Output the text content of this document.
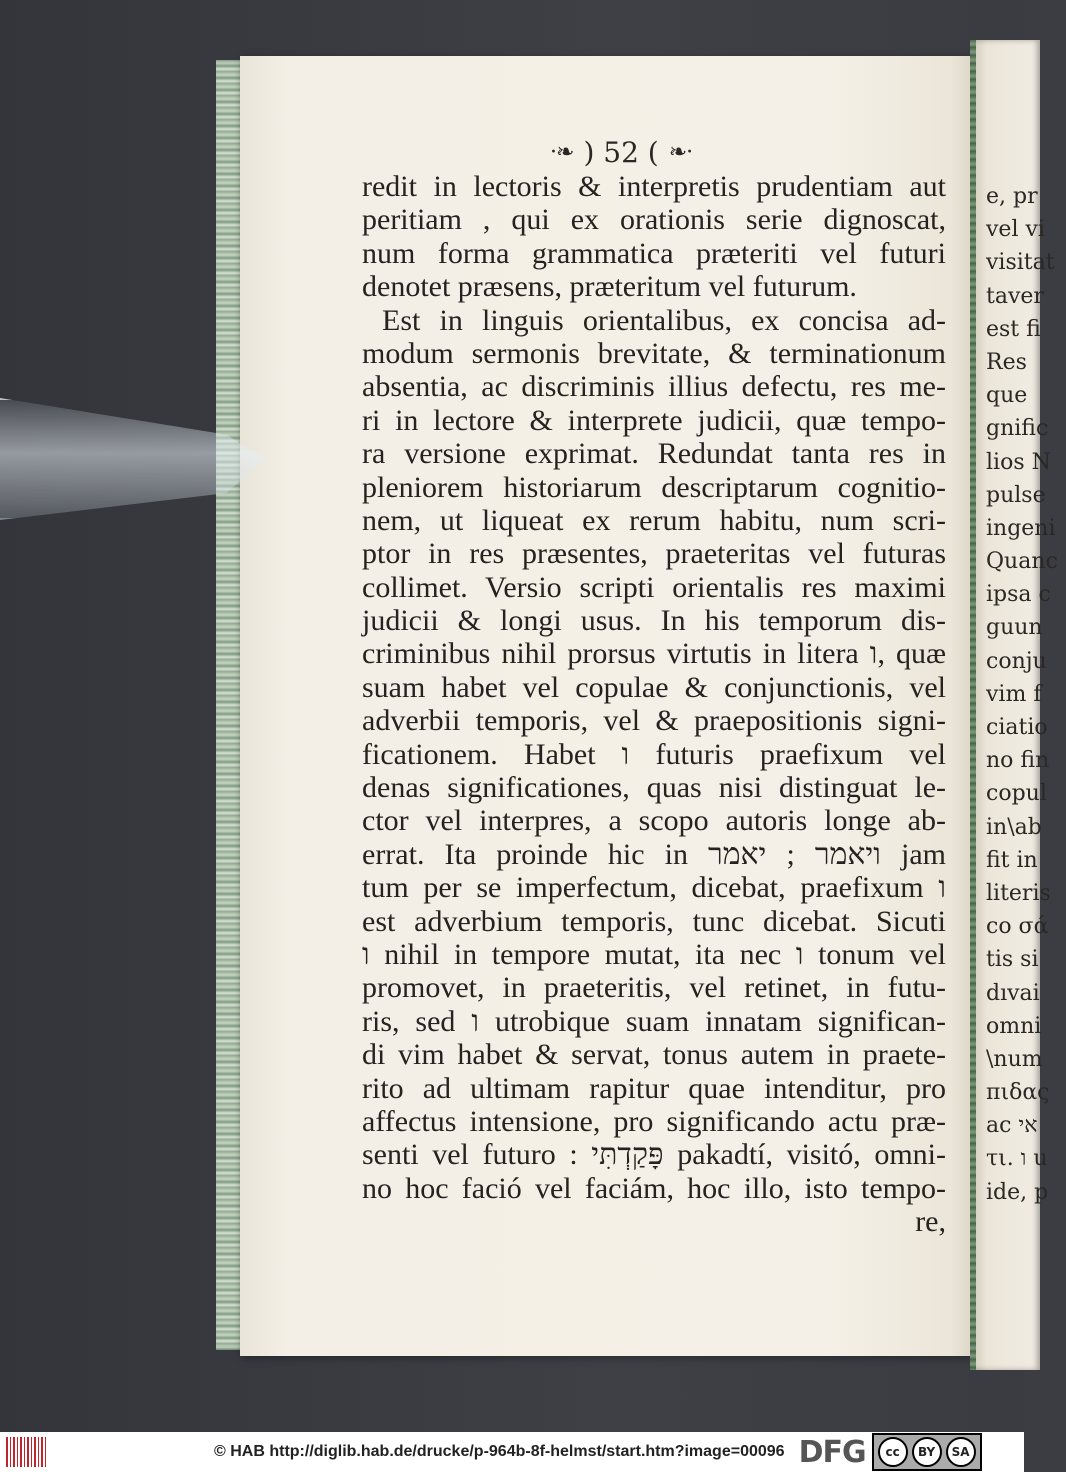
e, pr
vel vi
visitat
taver
est fi
Res
que
gnific
lios N
pulse
ingeni
Quanc
ipsa c
guun
conju
vim f
ciatio
no fin
copul
in\ab
fit in
literis
co σά
tis si
dıvai
omni
\num
πιδας
ac אי
τι. ו u
ide, p
·❧ ) 52 ( ❧·
redit in lectoris & interpretis prudentiam aut
peritiam , qui ex orationis serie dignoscat,
num forma grammatica præteriti vel futuri
denotet præsens, præteritum vel futurum.
Est in linguis orientalibus, ex concisa ad-
modum sermonis brevitate, & terminationum
absentia, ac discriminis illius defectu, res me-
ri in lectore & interprete judicii, quæ tempo-
ra versione exprimat. Redundat tanta res in
pleniorem historiarum descriptarum cognitio-
nem, ut liqueat ex rerum habitu, num scri-
ptor in res præsentes, praeteritas vel futuras
collimet. Versio scripti orientalis res maximi
judicii & longi usus. In his temporum dis-
criminibus nihil prorsus virtutis in litera ו, quæ
suam habet vel copulae & conjunctionis, vel
adverbii temporis, vel & praepositionis signi-
ficationem. Habet ו futuris praefixum vel
denas significationes, quas nisi distinguat le-
ctor vel interpres, a scopo autoris longe ab-
errat. Ita proinde hic in ויאמר ; יאמר jam
tum per se imperfectum, dicebat, praefixum ו
est adverbium temporis, tunc dicebat. Sicuti
ו nihil in tempore mutat, ita nec ו tonum vel
promovet, in praeteritis, vel retinet, in futu-
ris, sed ו utrobique suam innatam significan-
di vim habet & servat, tonus autem in praete-
rito ad ultimam rapitur quae intenditur, pro
affectus intensione, pro significando actu præ-
senti vel futuro : פָּקַדְתִּי pakadtí, visitó, omni-
no hoc fació vel faciám, hoc illo, isto tempo-
re,
© HAB http://diglib.hab.de/drucke/p-964b-8f-helmst/start.htm?image=00096 DFG	cc	BY	SA
